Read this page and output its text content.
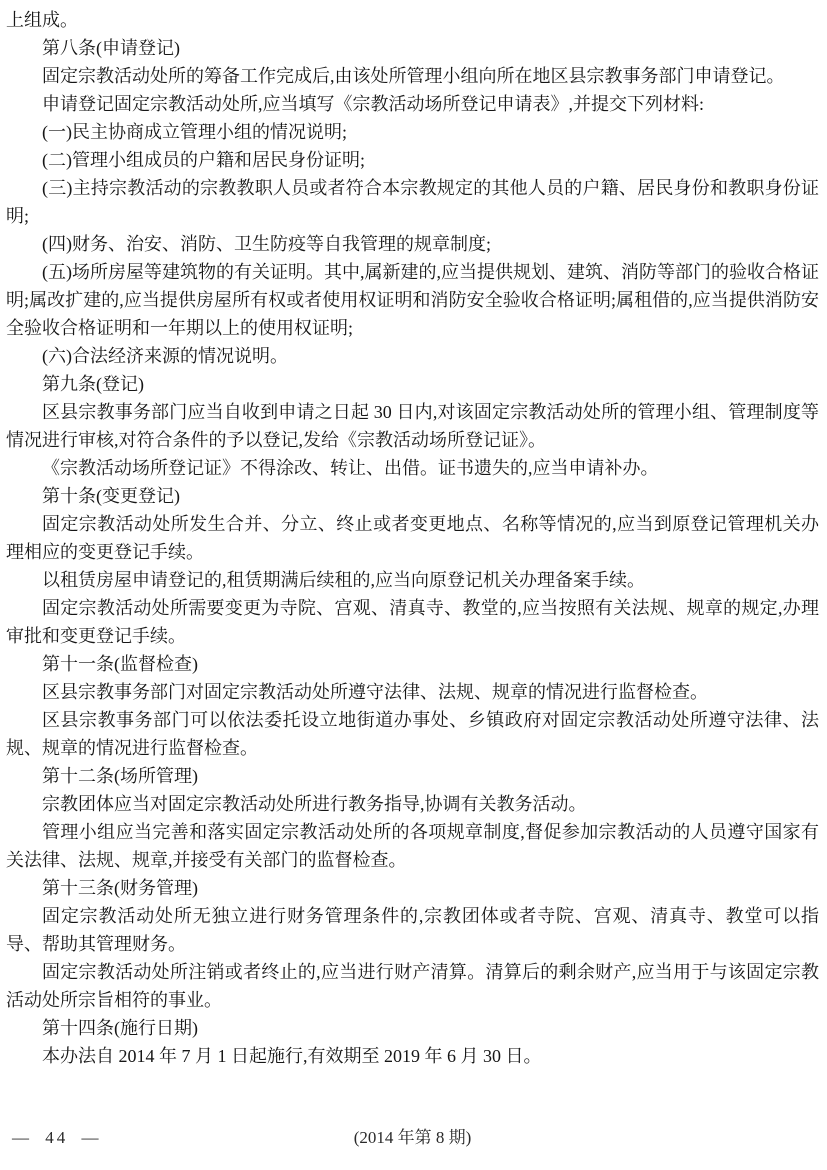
上组成。

第八条(申请登记)

固定宗教活动处所的筹备工作完成后,由该处所管理小组向所在地区县宗教事务部门申请登记。

申请登记固定宗教活动处所,应当填写《宗教活动场所登记申请表》,并提交下列材料:

(一)民主协商成立管理小组的情况说明;

(二)管理小组成员的户籍和居民身份证明;

(三)主持宗教活动的宗教教职人员或者符合本宗教规定的其他人员的户籍、居民身份和教职身份证明;

(四)财务、治安、消防、卫生防疫等自我管理的规章制度;

(五)场所房屋等建筑物的有关证明。其中,属新建的,应当提供规划、建筑、消防等部门的验收合格证明;属改扩建的,应当提供房屋所有权或者使用权证明和消防安全验收合格证明;属租借的,应当提供消防安全验收合格证明和一年期以上的使用权证明;

(六)合法经济来源的情况说明。

第九条(登记)

区县宗教事务部门应当自收到申请之日起 30 日内,对该固定宗教活动处所的管理小组、管理制度等情况进行审核,对符合条件的予以登记,发给《宗教活动场所登记证》。

《宗教活动场所登记证》不得涂改、转让、出借。证书遗失的,应当申请补办。

第十条(变更登记)

固定宗教活动处所发生合并、分立、终止或者变更地点、名称等情况的,应当到原登记管理机关办理相应的变更登记手续。

以租赁房屋申请登记的,租赁期满后续租的,应当向原登记机关办理备案手续。

固定宗教活动处所需要变更为寺院、宫观、清真寺、教堂的,应当按照有关法规、规章的规定,办理审批和变更登记手续。

第十一条(监督检查)

区县宗教事务部门对固定宗教活动处所遵守法律、法规、规章的情况进行监督检查。

区县宗教事务部门可以依法委托设立地街道办事处、乡镇政府对固定宗教活动处所遵守法律、法规、规章的情况进行监督检查。

第十二条(场所管理)

宗教团体应当对固定宗教活动处所进行教务指导,协调有关教务活动。

管理小组应当完善和落实固定宗教活动处所的各项规章制度,督促参加宗教活动的人员遵守国家有关法律、法规、规章,并接受有关部门的监督检查。

第十三条(财务管理)

固定宗教活动处所无独立进行财务管理条件的,宗教团体或者寺院、宫观、清真寺、教堂可以指导、帮助其管理财务。

固定宗教活动处所注销或者终止的,应当进行财产清算。清算后的剩余财产,应当用于与该固定宗教活动处所宗旨相符的事业。

第十四条(施行日期)

本办法自 2014 年 7 月 1 日起施行,有效期至 2019 年 6 月 30 日。

— 44 —	(2014 年第 8 期)
